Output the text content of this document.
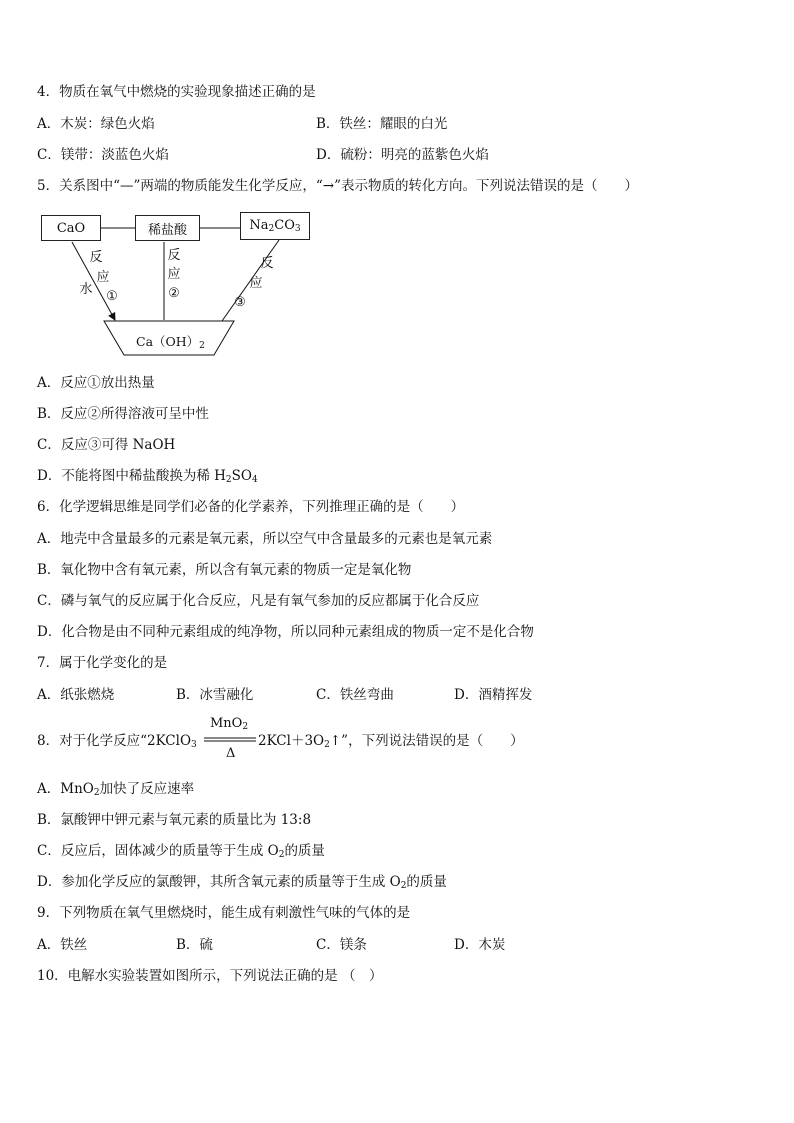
4．物质在氧气中燃烧的实验现象描述正确的是
A．木炭：绿色火焰	B．铁丝：耀眼的白光
C．镁带：淡蓝色火焰	D．硫粉：明亮的蓝紫色火焰
5．关系图中“—”两端的物质能发生化学反应，“→”表示物质的转化方向。下列说法错误的是（　　）
CaO	稀盐酸	$Na_2CO_3$
$Ca(OH)_2$
反
应
①
水
反
应
②
反
应
③
A．反应①放出热量
B．反应②所得溶液可呈中性
C．反应③可得 NaOH
D．不能将图中稀盐酸换为稀 $H_2SO_4$
6．化学逻辑思维是同学们必备的化学素养，下列推理正确的是（　　）
A．地壳中含量最多的元素是氧元素，所以空气中含量最多的元素也是氧元素
B．氧化物中含有氧元素，所以含有氧元素的物质一定是氧化物
C．磷与氧气的反应属于化合反应，凡是有氧气参加的反应都属于化合反应
D．化合物是由不同种元素组成的纯净物，所以同种元素组成的物质一定不是化合物
7．属于化学变化的是
A．纸张燃烧	B．冰雪融化	C．铁丝弯曲	D．酒精挥发
8．对于化学反应“2KClO$_3$
MnO$_2$
Δ
$2KCl+3O_2↑$”，下列说法错误的是（　　）
A．MnO$_2$加快了反应速率
B．氯酸钾中钾元素与氧元素的质量比为 13:8
C．反应后，固体减少的质量等于生成 $O_2$的质量
D．参加化学反应的氯酸钾，其所含氧元素的质量等于生成 $O_2$的质量
9．下列物质在氧气里燃烧时，能生成有刺激性气味的气体的是
A．铁丝	B．硫	C．镁条	D．木炭
10．电解水实验装置如图所示，下列说法正确的是 （　）
